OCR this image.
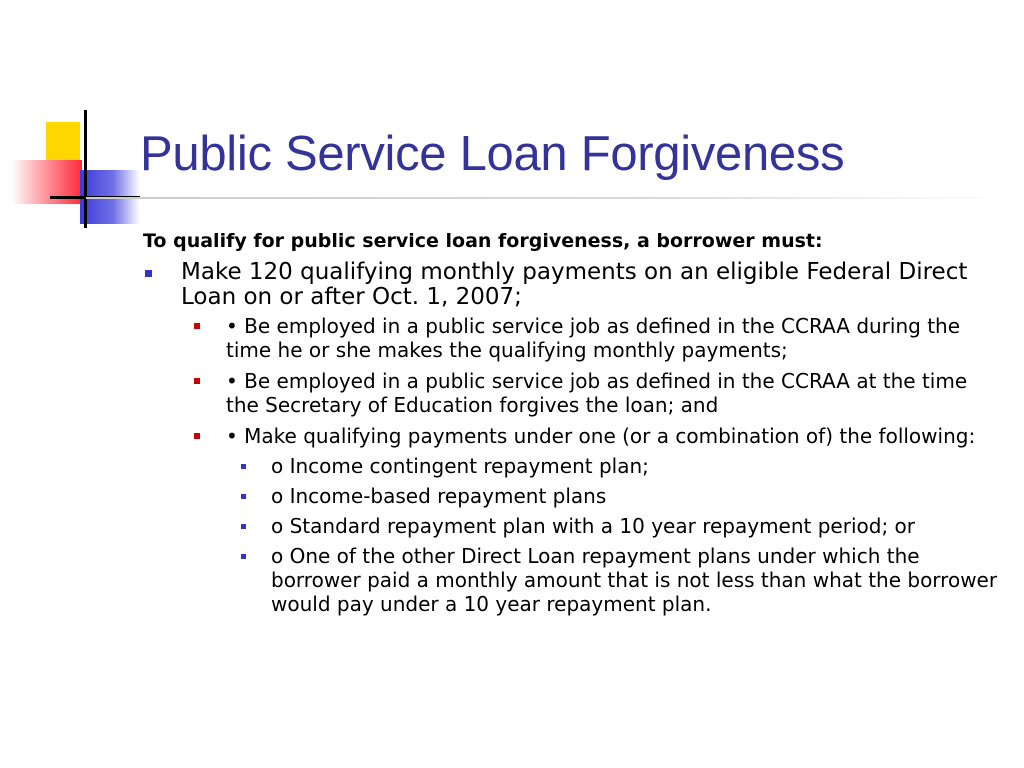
Public Service Loan Forgiveness

To qualify for public service loan forgiveness, a borrower must:

Make 120 qualifying monthly payments on an eligible Federal Direct Loan on or after Oct. 1, 2007;
• Be employed in a public service job as defined in the CCRAA during the time he or she makes the qualifying monthly payments;
• Be employed in a public service job as defined in the CCRAA at the time the Secretary of Education forgives the loan; and
• Make qualifying payments under one (or a combination of) the following:
o Income contingent repayment plan;
o Income-based repayment plans
o Standard repayment plan with a 10 year repayment period; or
o One of the other Direct Loan repayment plans under which the borrower paid a monthly amount that is not less than what the borrower would pay under a 10 year repayment plan.
